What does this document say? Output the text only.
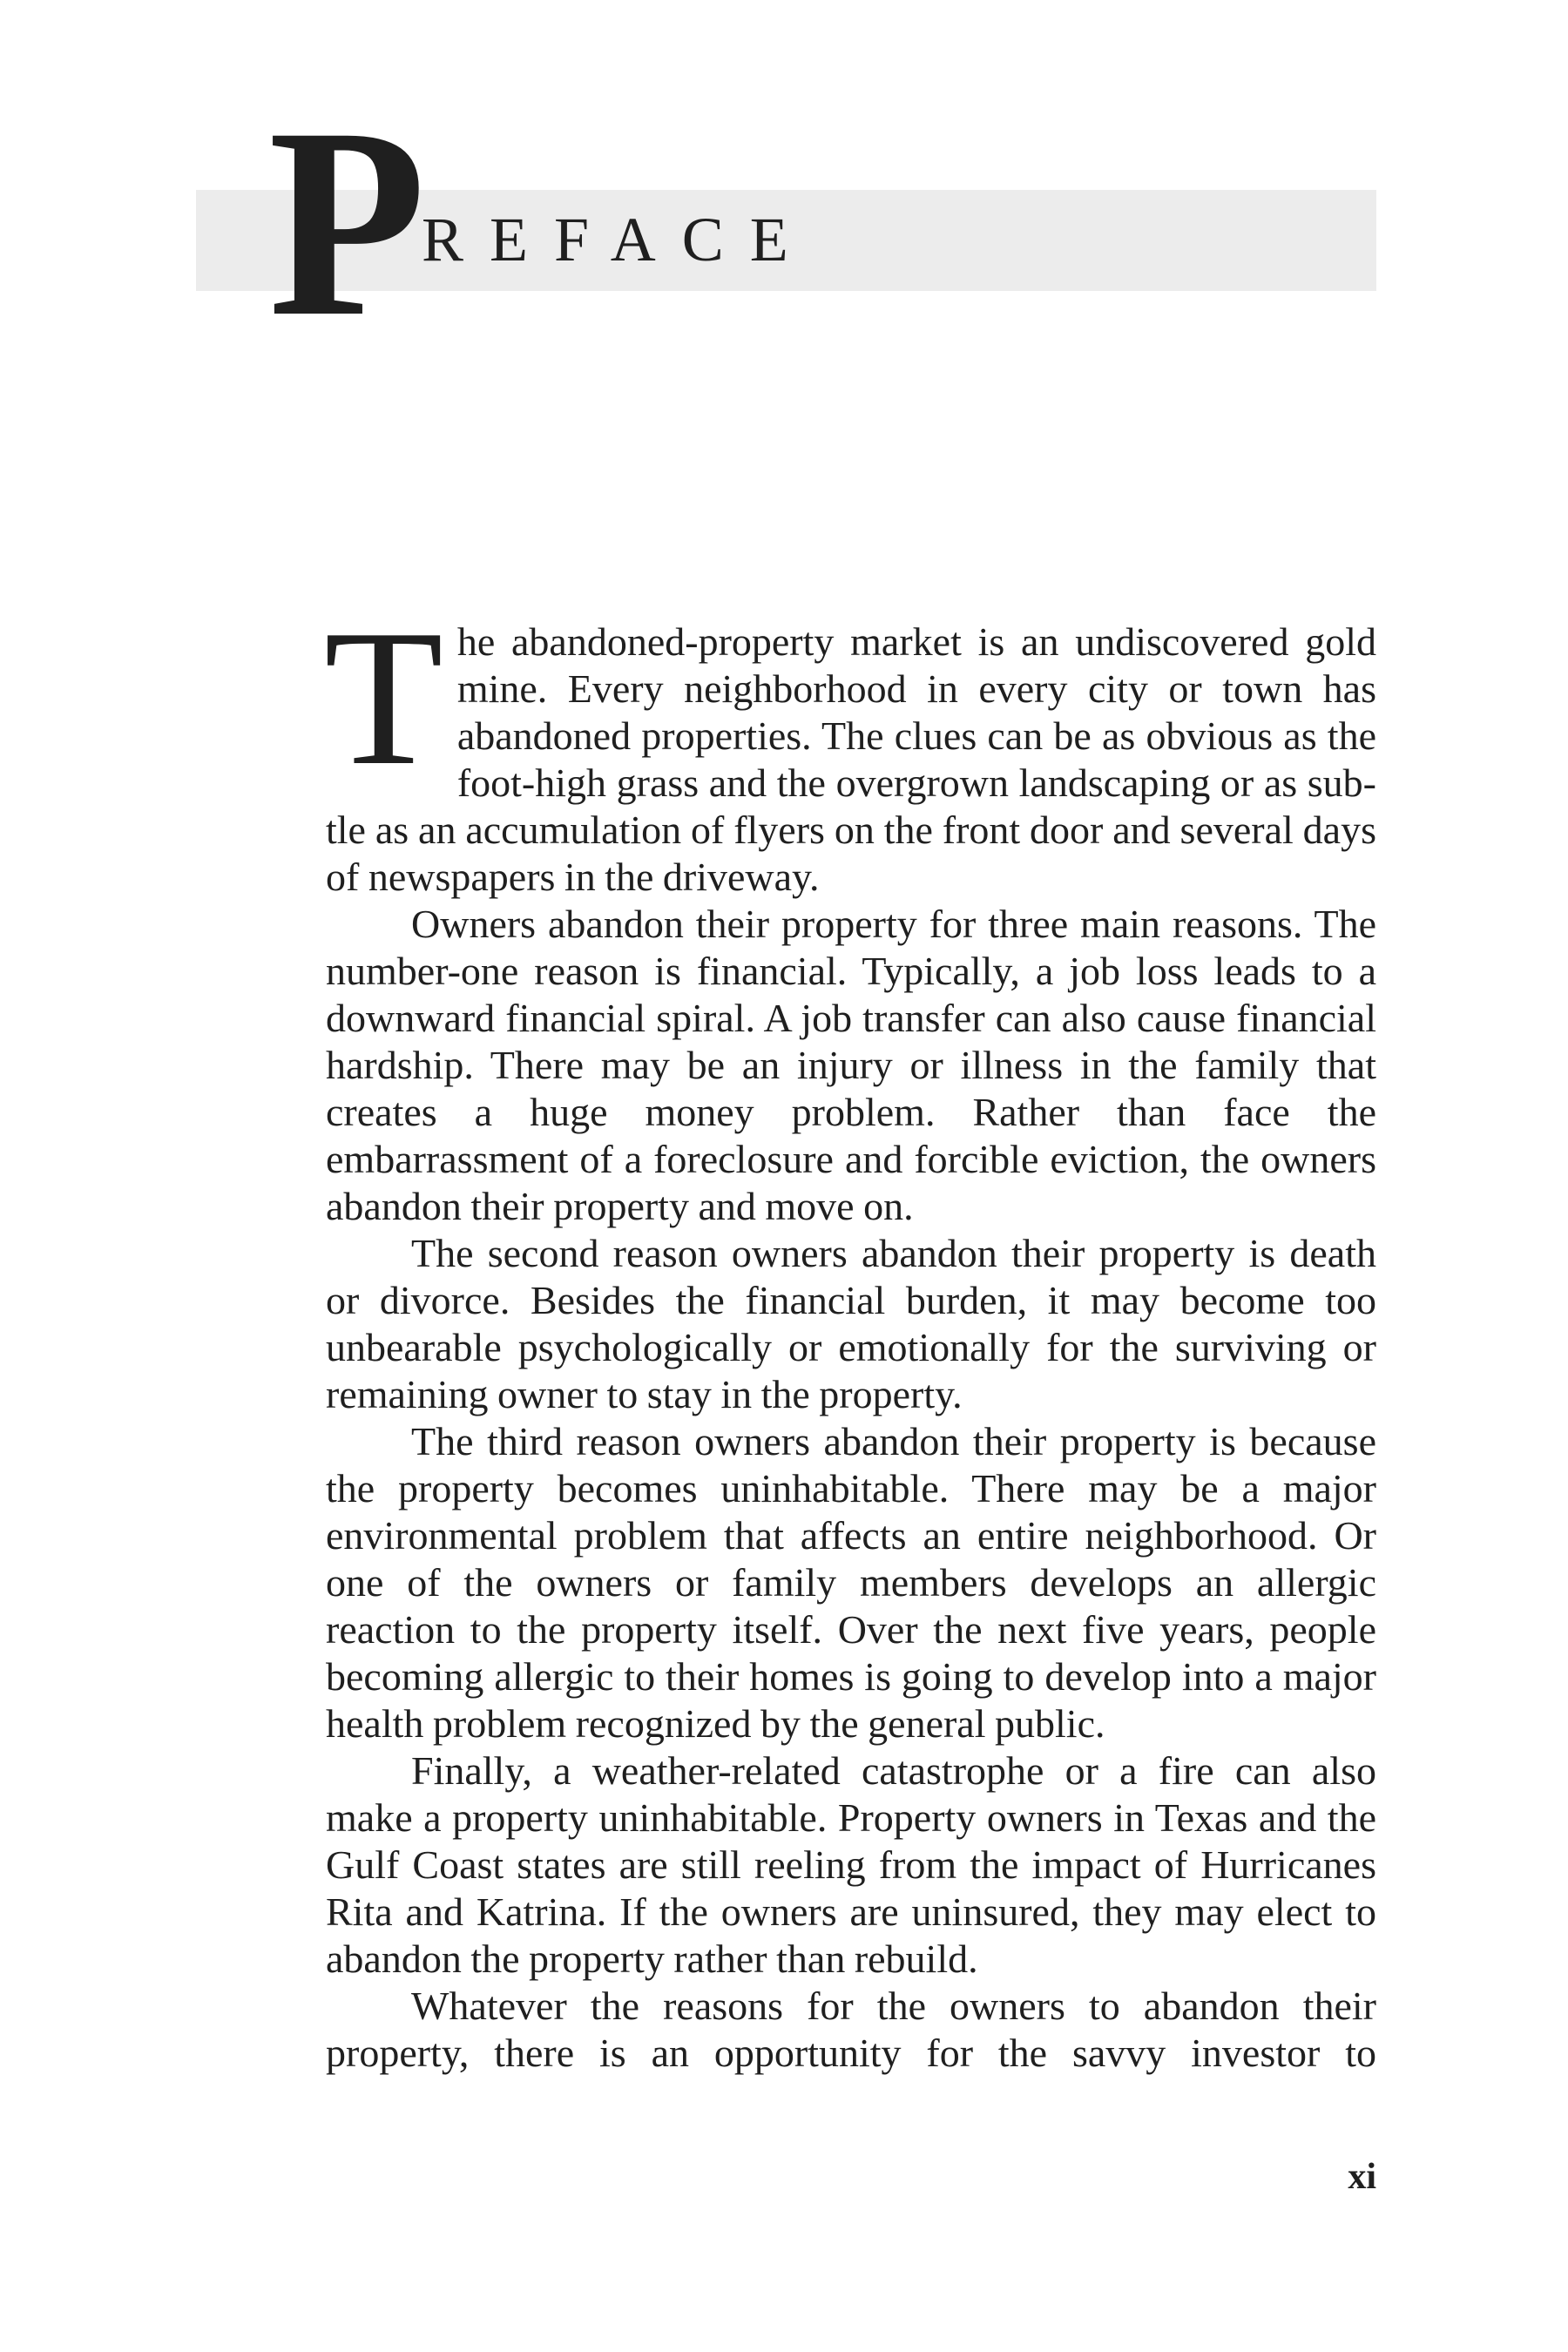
P
REFACE

The abandoned-property market is an undiscovered gold mine. Every neighborhood in every city or town has abandoned properties. The clues can be as obvious as the foot-high grass and the overgrown landscaping or as subtle as an accumulation of flyers on the front door and several days of newspapers in the driveway.

Owners abandon their property for three main reasons. The number-one reason is financial. Typically, a job loss leads to a downward financial spiral. A job transfer can also cause financial hardship. There may be an injury or illness in the family that creates a huge money problem. Rather than face the embarrassment of a foreclosure and forcible eviction, the owners abandon their property and move on.

The second reason owners abandon their property is death or divorce. Besides the financial burden, it may become too unbearable psychologically or emotionally for the surviving or remaining owner to stay in the property.

The third reason owners abandon their property is because the property becomes uninhabitable. There may be a major environmental problem that affects an entire neighborhood. Or one of the owners or family members develops an allergic reaction to the property itself. Over the next five years, people becoming allergic to their homes is going to develop into a major health problem recognized by the general public.

Finally, a weather-related catastrophe or a fire can also make a property uninhabitable. Property owners in Texas and the Gulf Coast states are still reeling from the impact of Hurricanes Rita and Katrina. If the owners are uninsured, they may elect to abandon the property rather than rebuild.

Whatever the reasons for the owners to abandon their property, there is an opportunity for the savvy investor to

xi
